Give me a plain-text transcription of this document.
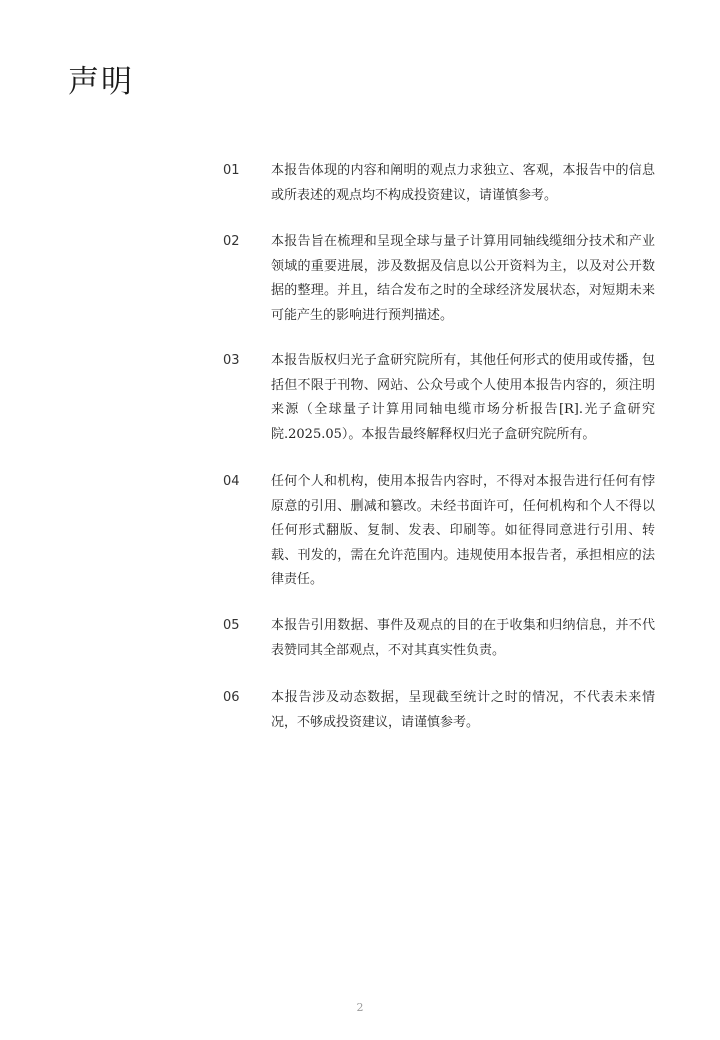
声明
01 本报告体现的内容和阐明的观点力求独立、客观，本报告中的信息或所表述的观点均不构成投资建议，请谨慎参考。

02 本报告旨在梳理和呈现全球与量子计算用同轴线缆细分技术和产业领域的重要进展，涉及数据及信息以公开资料为主，以及对公开数据的整理。并且，结合发布之时的全球经济发展状态，对短期未来可能产生的影响进行预判描述。

03 本报告版权归光子盒研究院所有，其他任何形式的使用或传播，包括但不限于刊物、网站、公众号或个人使用本报告内容的，须注明来源（全球量子计算用同轴电缆市场分析报告[R].光子盒研究院.2025.05）。本报告最终解释权归光子盒研究院所有。

04 任何个人和机构，使用本报告内容时，不得对本报告进行任何有悖原意的引用、删减和篡改。未经书面许可，任何机构和个人不得以任何形式翻版、复制、发表、印刷等。如征得同意进行引用、转载、刊发的，需在允许范围内。违规使用本报告者，承担相应的法律责任。

05 本报告引用数据、事件及观点的目的在于收集和归纳信息，并不代表赞同其全部观点，不对其真实性负责。

06 本报告涉及动态数据，呈现截至统计之时的情况，不代表未来情况，不够成投资建议，请谨慎参考。

2
